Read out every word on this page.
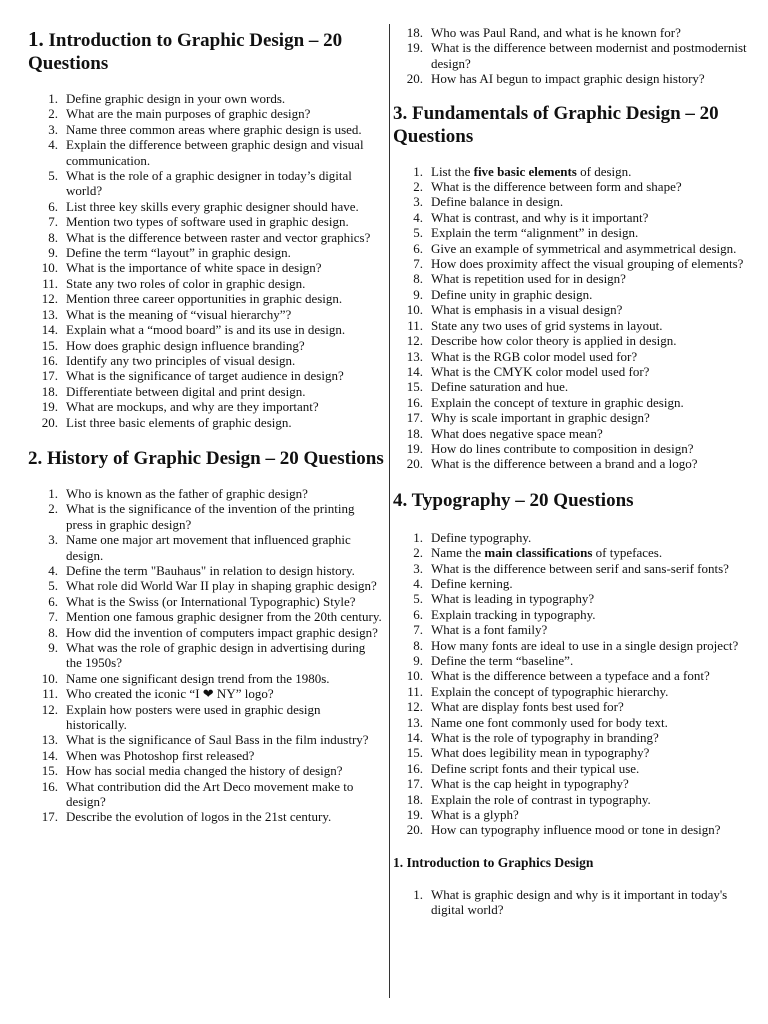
1. Introduction to Graphic Design – 20 Questions
1. Define graphic design in your own words.
2. What are the main purposes of graphic design?
3. Name three common areas where graphic design is used.
4. Explain the difference between graphic design and visual communication.
5. What is the role of a graphic designer in today’s digital world?
6. List three key skills every graphic designer should have.
7. Mention two types of software used in graphic design.
8. What is the difference between raster and vector graphics?
9. Define the term “layout” in graphic design.
10. What is the importance of white space in design?
11. State any two roles of color in graphic design.
12. Mention three career opportunities in graphic design.
13. What is the meaning of “visual hierarchy”?
14. Explain what a “mood board” is and its use in design.
15. How does graphic design influence branding?
16. Identify any two principles of visual design.
17. What is the significance of target audience in design?
18. Differentiate between digital and print design.
19. What are mockups, and why are they important?
20. List three basic elements of graphic design.
2. History of Graphic Design – 20 Questions
1. Who is known as the father of graphic design?
2. What is the significance of the invention of the printing press in graphic design?
3. Name one major art movement that influenced graphic design.
4. Define the term "Bauhaus" in relation to design history.
5. What role did World War II play in shaping graphic design?
6. What is the Swiss (or International Typographic) Style?
7. Mention one famous graphic designer from the 20th century.
8. How did the invention of computers impact graphic design?
9. What was the role of graphic design in advertising during the 1950s?
10. Name one significant design trend from the 1980s.
11. Who created the iconic “I ❤ NY” logo?
12. Explain how posters were used in graphic design historically.
13. What is the significance of Saul Bass in the film industry?
14. When was Photoshop first released?
15. How has social media changed the history of design?
16. What contribution did the Art Deco movement make to design?
17. Describe the evolution of logos in the 21st century.
18. Who was Paul Rand, and what is he known for?
19. What is the difference between modernist and postmodernist design?
20. How has AI begun to impact graphic design history?
3. Fundamentals of Graphic Design – 20 Questions
1. List the five basic elements of design.
2. What is the difference between form and shape?
3. Define balance in design.
4. What is contrast, and why is it important?
5. Explain the term “alignment” in design.
6. Give an example of symmetrical and asymmetrical design.
7. How does proximity affect the visual grouping of elements?
8. What is repetition used for in design?
9. Define unity in graphic design.
10. What is emphasis in a visual design?
11. State any two uses of grid systems in layout.
12. Describe how color theory is applied in design.
13. What is the RGB color model used for?
14. What is the CMYK color model used for?
15. Define saturation and hue.
16. Explain the concept of texture in graphic design.
17. Why is scale important in graphic design?
18. What does negative space mean?
19. How do lines contribute to composition in design?
20. What is the difference between a brand and a logo?
4. Typography – 20 Questions
1. Define typography.
2. Name the main classifications of typefaces.
3. What is the difference between serif and sans-serif fonts?
4. Define kerning.
5. What is leading in typography?
6. Explain tracking in typography.
7. What is a font family?
8. How many fonts are ideal to use in a single design project?
9. Define the term “baseline”.
10. What is the difference between a typeface and a font?
11. Explain the concept of typographic hierarchy.
12. What are display fonts best used for?
13. Name one font commonly used for body text.
14. What is the role of typography in branding?
15. What does legibility mean in typography?
16. Define script fonts and their typical use.
17. What is the cap height in typography?
18. Explain the role of contrast in typography.
19. What is a glyph?
20. How can typography influence mood or tone in design?
1. Introduction to Graphics Design
1. What is graphic design and why is it important in today's digital world?
